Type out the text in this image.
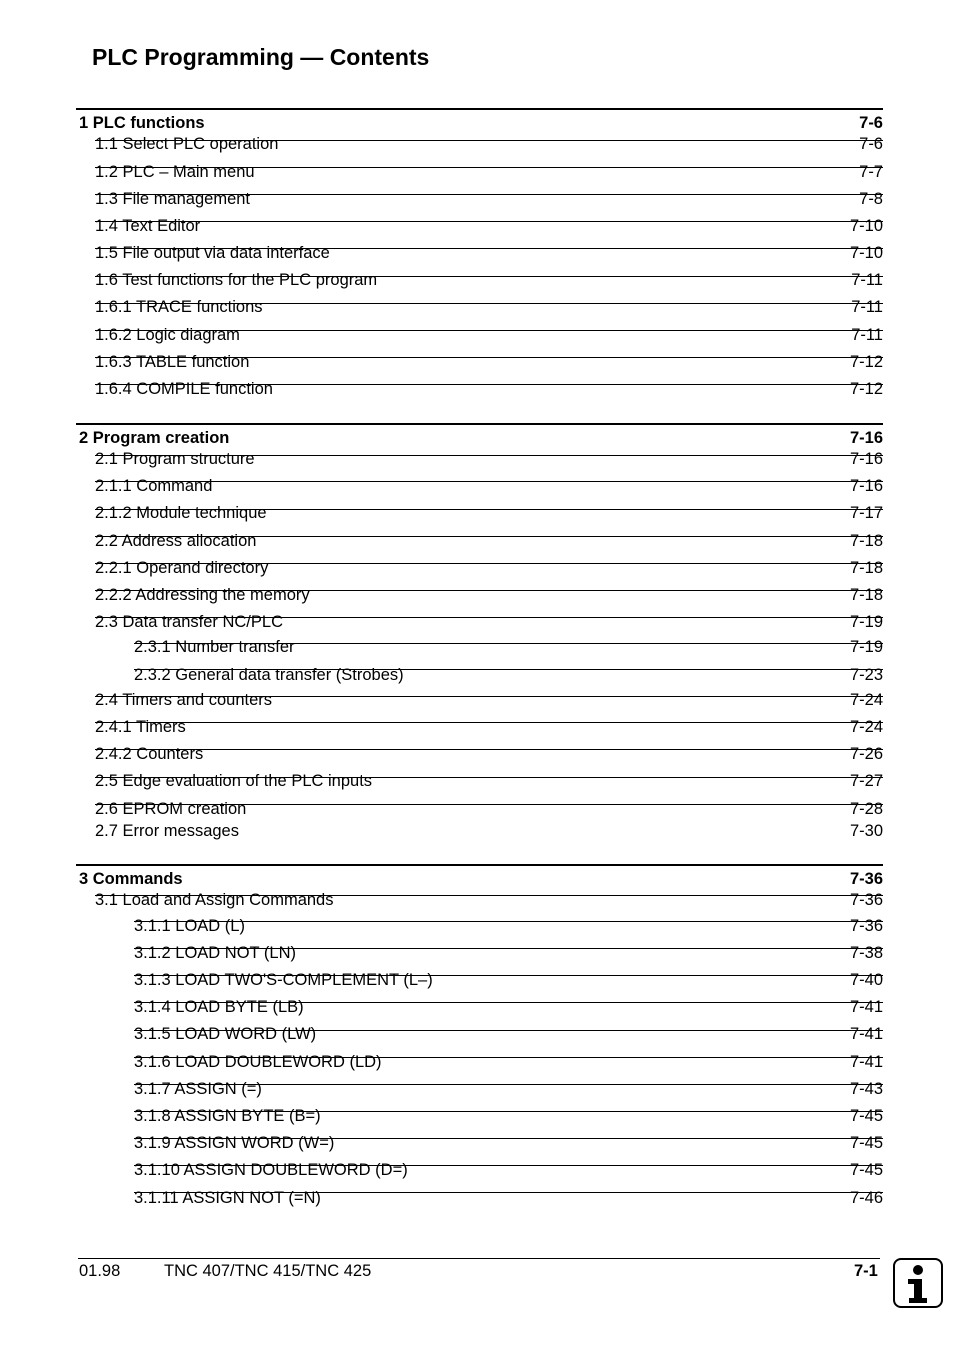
PLC Programming — Contents
1 PLC functions	7-6
1.1 Select PLC operation	7-6
1.2 PLC – Main menu	7-7
1.3 File management	7-8
1.4 Text Editor	7-10
1.5 File output via data interface	7-10
1.6 Test functions for the PLC program	7-11
1.6.1 TRACE functions	7-11
1.6.2 Logic diagram	7-11
1.6.3 TABLE function	7-12
1.6.4 COMPILE function	7-12
2 Program creation	7-16
2.1 Program structure	7-16
2.1.1 Command	7-16
2.1.2 Module technique	7-17
2.2 Address allocation	7-18
2.2.1 Operand directory	7-18
2.2.2 Addressing the memory	7-18
2.3 Data transfer NC/PLC	7-19
2.3.1 Number transfer	7-19
2.3.2 General data transfer (Strobes)	7-23
2.4 Timers and counters	7-24
2.4.1 Timers	7-24
2.4.2 Counters	7-26
2.5 Edge evaluation of the PLC inputs	7-27
2.6 EPROM creation	7-28
2.7 Error messages	7-30
3 Commands	7-36
3.1 Load and Assign Commands	7-36
3.1.1 LOAD (L)	7-36
3.1.2 LOAD NOT (LN)	7-38
3.1.3 LOAD TWO'S-COMPLEMENT (L–)	7-40
3.1.4 LOAD BYTE (LB)	7-41
3.1.5 LOAD WORD (LW)	7-41
3.1.6 LOAD DOUBLEWORD (LD)	7-41
3.1.7 ASSIGN (=)	7-43
3.1.8 ASSIGN BYTE (B=)	7-45
3.1.9 ASSIGN WORD (W=)	7-45
3.1.10 ASSIGN DOUBLEWORD (D=)	7-45
3.1.11 ASSIGN NOT (=N)	7-46
01.98	TNC 407/TNC 415/TNC 425	7-1
